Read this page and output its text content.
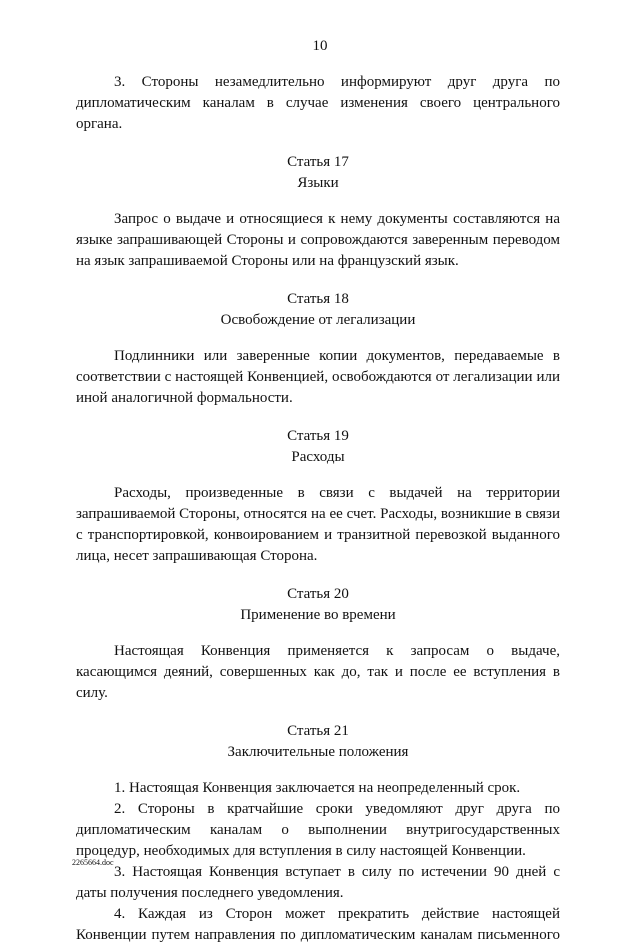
10

3. Стороны незамедлительно информируют друг друга по дипломатическим каналам в случае изменения своего центрального органа.

Статья 17

Языки

Запрос о выдаче и относящиеся к нему документы составляются на языке запрашивающей Стороны и сопровождаются заверенным переводом на язык запрашиваемой Стороны или на французский язык.

Статья 18

Освобождение от легализации

Подлинники или заверенные копии документов, передаваемые в соответствии с настоящей Конвенцией, освобождаются от легализации или иной аналогичной формальности.

Статья 19

Расходы

Расходы, произведенные в связи с выдачей на территории запрашиваемой Стороны, относятся на ее счет. Расходы, возникшие в связи с транспортировкой, конвоированием и транзитной перевозкой выданного лица, несет запрашивающая Сторона.

Статья 20

Применение во времени

Настоящая Конвенция применяется к запросам о выдаче, касающимся деяний, совершенных как до, так и после ее вступления в силу.

Статья 21

Заключительные положения

1. Настоящая Конвенция заключается на неопределенный срок.

2. Стороны в кратчайшие сроки уведомляют друг друга по дипломатическим каналам о выполнении внутригосударственных процедур, необходимых для вступления в силу настоящей Конвенции.

3. Настоящая Конвенция вступает в силу по истечении 90 дней с даты получения последнего уведомления.

4. Каждая из Сторон может прекратить действие настоящей Конвенции путем направления по дипломатическим каналам письменного

2265664.doc
